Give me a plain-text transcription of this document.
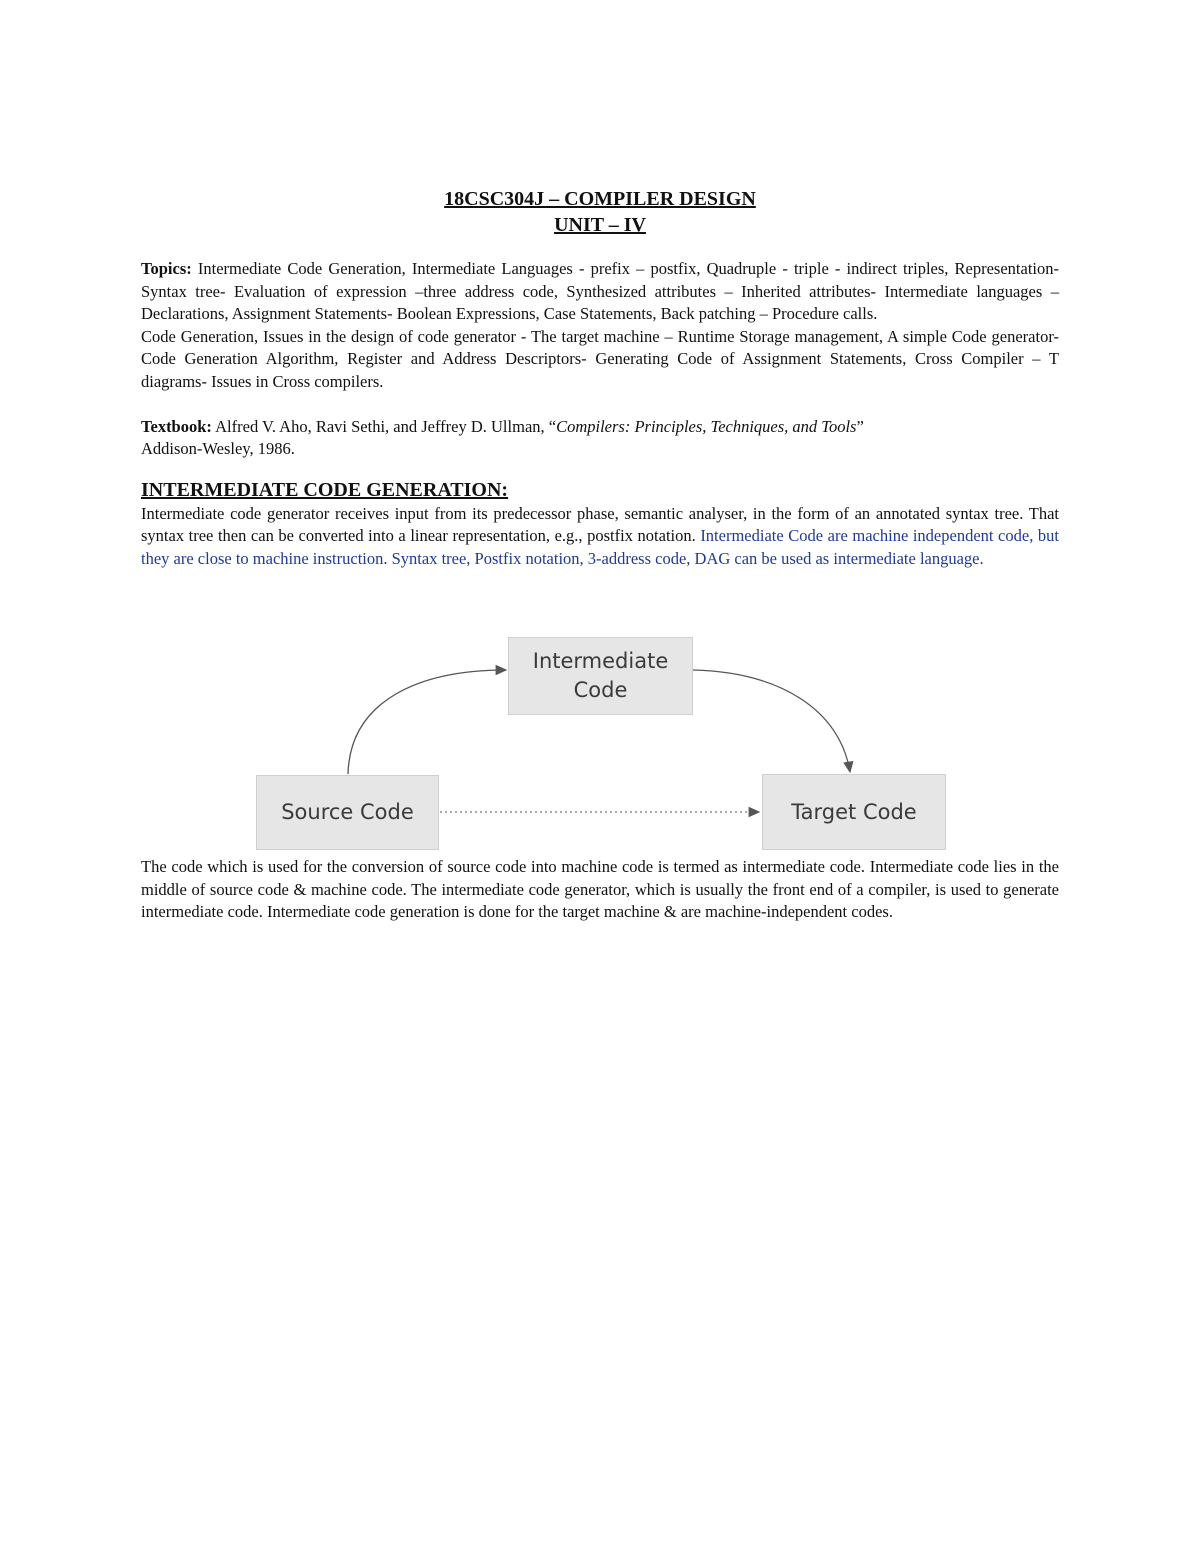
18CSC304J – COMPILER DESIGN
UNIT – IV

Topics: Intermediate Code Generation, Intermediate Languages - prefix – postfix, Quadruple - triple - indirect triples, Representation- Syntax tree- Evaluation of expression –three address code, Synthesized attributes – Inherited attributes- Intermediate languages – Declarations, Assignment Statements- Boolean Expressions, Case Statements, Back patching – Procedure calls.

Code Generation, Issues in the design of code generator - The target machine – Runtime Storage management, A simple Code generator- Code Generation Algorithm, Register and Address Descriptors- Generating Code of Assignment Statements, Cross Compiler – T diagrams- Issues in Cross compilers.

Textbook: Alfred V. Aho, Ravi Sethi, and Jeffrey D. Ullman, “Compilers: Principles, Techniques, and Tools”
Addison-Wesley, 1986.

INTERMEDIATE CODE GENERATION:

Intermediate code generator receives input from its predecessor phase, semantic analyser, in the form of an annotated syntax tree. That syntax tree then can be converted into a linear representation, e.g., postfix notation. Intermediate Code are machine independent code, but they are close to machine instruction. Syntax tree, Postfix notation, 3-address code, DAG can be used as intermediate language.

Intermediate
Code
Source Code	Target Code

The code which is used for the conversion of source code into machine code is termed as intermediate code. Intermediate code lies in the middle of source code & machine code. The intermediate code generator, which is usually the front end of a compiler, is used to generate intermediate code. Intermediate code generation is done for the target machine & are machine-independent codes.
